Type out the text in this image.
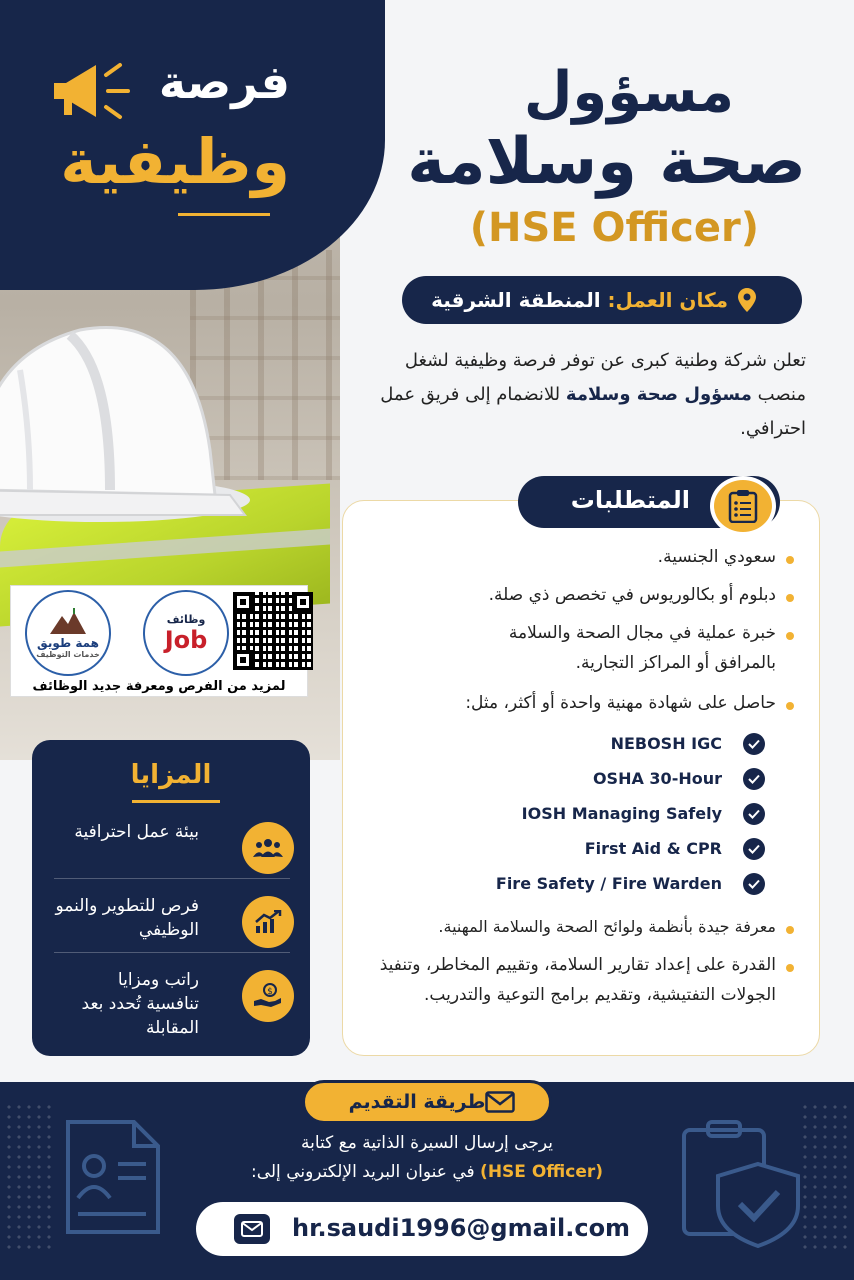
فرصة
وظيفية
همة طويق
خدمات التوظيف
وظائف
Job
لمزيد من الفرص ومعرفة جديد الوظائف
مسؤول
صحة وسلامة
(HSE Officer)
مكان العمل: المنطقة الشرقية
تعلن شركة وطنية كبرى عن توفر فرصة وظيفية لشغل منصب مسؤول صحة وسلامة للانضمام إلى فريق عمل احترافي.
المتطلبات
سعودي الجنسية.
دبلوم أو بكالوريوس في تخصص ذي صلة.
خبرة عملية في مجال الصحة والسلامة بالمرافق أو المراكز التجارية.
حاصل على شهادة مهنية واحدة أو أكثر، مثل:
NEBOSH IGC
OSHA 30-Hour
IOSH Managing Safely
First Aid & CPR
Fire Safety / Fire Warden
معرفة جيدة بأنظمة ولوائح الصحة والسلامة المهنية.
القدرة على إعداد تقارير السلامة، وتقييم المخاطر، وتنفيذ الجولات التفتيشية، وتقديم برامج التوعية والتدريب.
المزايا
بيئة عمل احترافية
فرص للتطوير والنمو الوظيفي
راتب ومزايا تنافسية تُحدد بعد المقابلة
$
طريقة التقديم
يرجى إرسال السيرة الذاتية مع كتابة
(HSE Officer) في عنوان البريد الإلكتروني إلى:
hr.saudi1996@gmail.com
